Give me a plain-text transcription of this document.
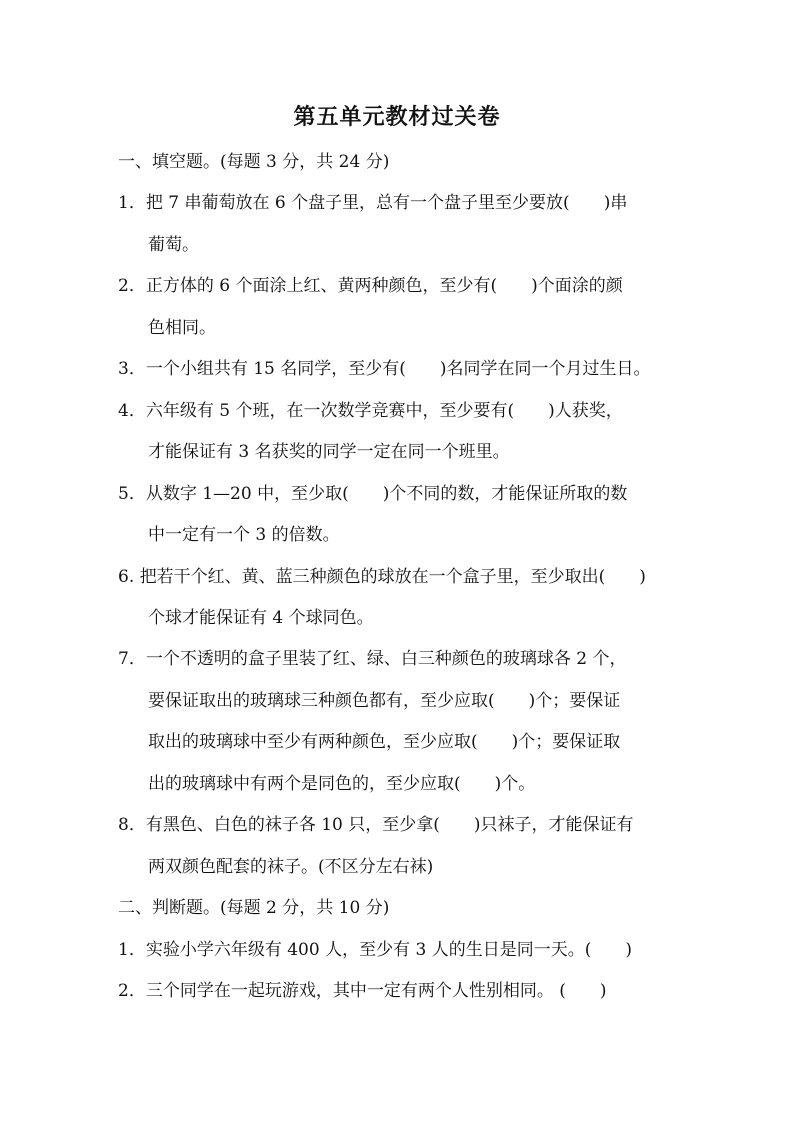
第五单元教材过关卷
一、填空题。(每题 3 分，共 24 分)
1．把 7 串葡萄放在 6 个盘子里，总有一个盘子里至少要放(　　)串
葡萄。
2．正方体的 6 个面涂上红、黄两种颜色，至少有(　　)个面涂的颜
色相同。
3．一个小组共有 15 名同学，至少有(　　)名同学在同一个月过生日。
4．六年级有 5 个班，在一次数学竞赛中，至少要有(　　)人获奖，
才能保证有 3 名获奖的同学一定在同一个班里。
5．从数字 1—20 中，至少取(　　)个不同的数，才能保证所取的数
中一定有一个 3 的倍数。
6. 把若干个红、黄、蓝三种颜色的球放在一个盒子里，至少取出(　　)
个球才能保证有 4 个球同色。
7．一个不透明的盒子里装了红、绿、白三种颜色的玻璃球各 2 个，
要保证取出的玻璃球三种颜色都有，至少应取(　　)个；要保证
取出的玻璃球中至少有两种颜色，至少应取(　　)个；要保证取
出的玻璃球中有两个是同色的，至少应取(　　)个。
8．有黑色、白色的袜子各 10 只，至少拿(　　)只袜子，才能保证有
两双颜色配套的袜子。(不区分左右袜)
二、判断题。(每题 2 分，共 10 分)
1．实验小学六年级有 400 人，至少有 3 人的生日是同一天。(　　)
2．三个同学在一起玩游戏，其中一定有两个人性别相同。 (　　)
